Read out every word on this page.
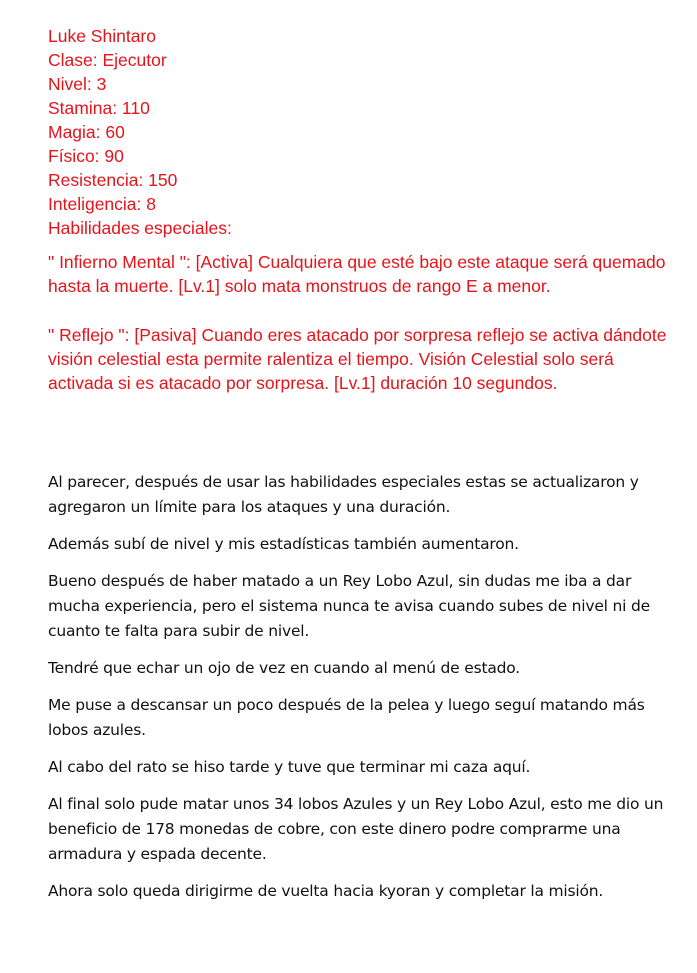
Luke Shintaro
Clase: Ejecutor
Nivel: 3
Stamina: 110
Magia: 60
Físico: 90
Resistencia: 150
Inteligencia: 8
Habilidades especiales:
" Infierno Mental ": [Activa] Cualquiera que esté bajo este ataque será quemado hasta la muerte. [Lv.1] solo mata monstruos de rango E a menor.
" Reflejo ": [Pasiva] Cuando eres atacado por sorpresa reflejo se activa dándote visión celestial esta permite ralentiza el tiempo. Visión Celestial solo será activada si es atacado por sorpresa. [Lv.1] duración 10 segundos.

Al parecer, después de usar las habilidades especiales estas se actualizaron y agregaron un límite para los ataques y una duración.

Además subí de nivel y mis estadísticas también aumentaron.

Bueno después de haber matado a un Rey Lobo Azul, sin dudas me iba a dar mucha experiencia, pero el sistema nunca te avisa cuando subes de nivel ni de cuanto te falta para subir de nivel.

Tendré que echar un ojo de vez en cuando al menú de estado.

Me puse a descansar un poco después de la pelea y luego seguí matando más lobos azules.

Al cabo del rato se hiso tarde y tuve que terminar mi caza aquí.

Al final solo pude matar unos 34 lobos Azules y un Rey Lobo Azul, esto me dio un beneficio de 178 monedas de cobre, con este dinero podre comprarme una armadura y espada decente.

Ahora solo queda dirigirme de vuelta hacia kyoran y completar la misión.
